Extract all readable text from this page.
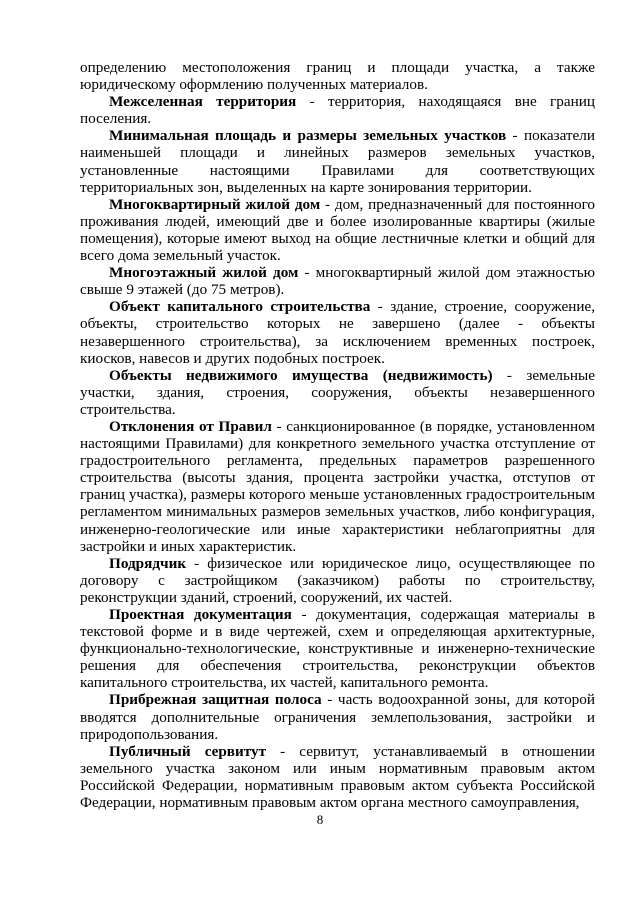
определению местоположения границ и площади участка, а также юридическому оформлению полученных материалов.

Межселенная территория - территория, находящаяся вне границ поселения.

Минимальная площадь и размеры земельных участков - показатели наименьшей площади и линейных размеров земельных участков, установленные настоящими Правилами для соответствующих территориальных зон, выделенных на карте зонирования территории.

Многоквартирный жилой дом - дом, предназначенный для постоянного проживания людей, имеющий две и более изолированные квартиры (жилые помещения), которые имеют выход на общие лестничные клетки и общий для всего дома земельный участок.

Многоэтажный жилой дом - многоквартирный жилой дом этажностью свыше 9 этажей (до 75 метров).

Объект капитального строительства - здание, строение, сооружение, объекты, строительство которых не завершено (далее - объекты незавершенного строительства), за исключением временных построек, киосков, навесов и других подобных построек.

Объекты недвижимого имущества (недвижимость) - земельные участки, здания, строения, сооружения, объекты незавершенного строительства.

Отклонения от Правил - санкционированное (в порядке, установленном настоящими Правилами) для конкретного земельного участка отступление от градостроительного регламента, предельных параметров разрешенного строительства (высоты здания, процента застройки участка, отступов от границ участка), размеры которого меньше установленных градостроительным регламентом минимальных размеров земельных участков, либо конфигурация, инженерно-геологические или иные характеристики неблагоприятны для застройки и иных характеристик.

Подрядчик - физическое или юридическое лицо, осуществляющее по договору с застройщиком (заказчиком) работы по строительству, реконструкции зданий, строений, сооружений, их частей.

Проектная документация - документация, содержащая материалы в текстовой форме и в виде чертежей, схем и определяющая архитектурные, функционально-технологические, конструктивные и инженерно-технические решения для обеспечения строительства, реконструкции объектов капитального строительства, их частей, капитального ремонта.

Прибрежная защитная полоса - часть водоохранной зоны, для которой вводятся дополнительные ограничения землепользования, застройки и природопользования.

Публичный сервитут - сервитут, устанавливаемый в отношении земельного участка законом или иным нормативным правовым актом Российской Федерации, нормативным правовым актом субъекта Российской Федерации, нормативным правовым актом органа местного самоуправления,

8
